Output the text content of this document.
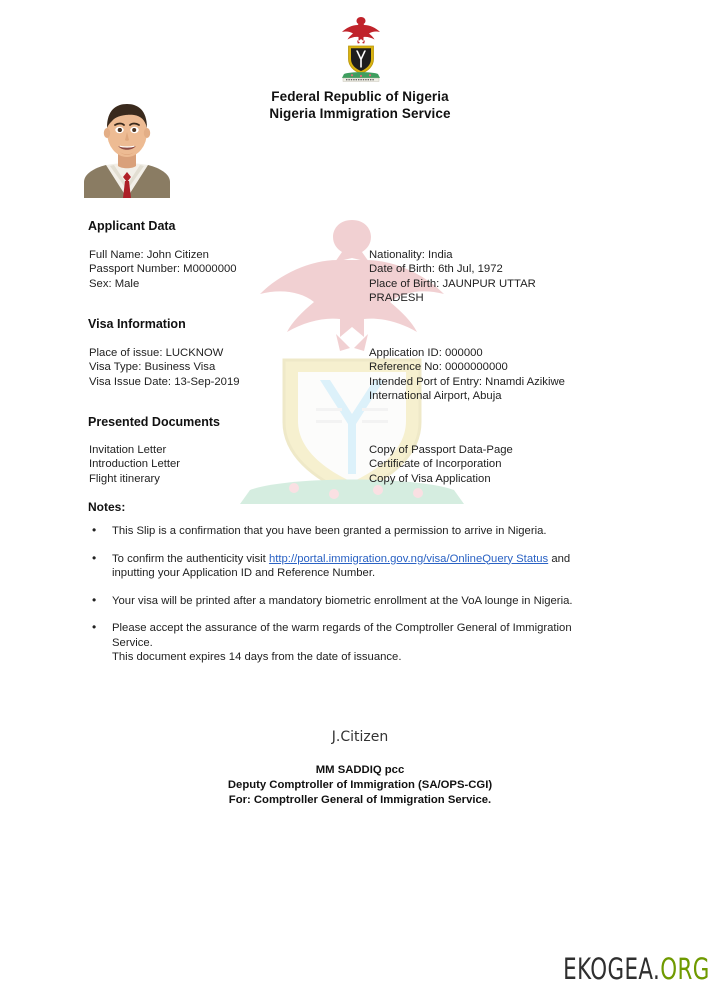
Federal Republic of Nigeria
Nigeria Immigration Service
Applicant Data
Full Name: John Citizen
Passport Number: M0000000
Sex: Male
Nationality: India
Date of Birth: 6th Jul, 1972
Place of Birth: JAUNPUR UTTAR PRADESH
Visa Information
Place of issue: LUCKNOW
Visa Type: Business Visa
Visa Issue Date: 13-Sep-2019
Application ID: 000000
Reference No: 0000000000
Intended Port of Entry: Nnamdi Azikiwe International Airport, Abuja
Presented Documents
Invitation Letter
Introduction Letter
Flight itinerary
Copy of Passport Data-Page
Certificate of Incorporation
Copy of Visa Application
Notes:
• This Slip is a confirmation that you have been granted a permission to arrive in Nigeria.
• To confirm the authenticity visit http://portal.immigration.gov.ng/visa/OnlineQuery Status and inputting your Application ID and Reference Number.
• Your visa will be printed after a mandatory biometric enrollment at the VoA lounge in Nigeria.
• Please accept the assurance of the warm regards of the Comptroller General of Immigration Service.
This document expires 14 days from the date of issuance.
J.Citizen
MM SADDIQ pcc
Deputy Comptroller of Immigration (SA/OPS-CGI)
For: Comptroller General of Immigration Service.
EKOGEA.ORG
